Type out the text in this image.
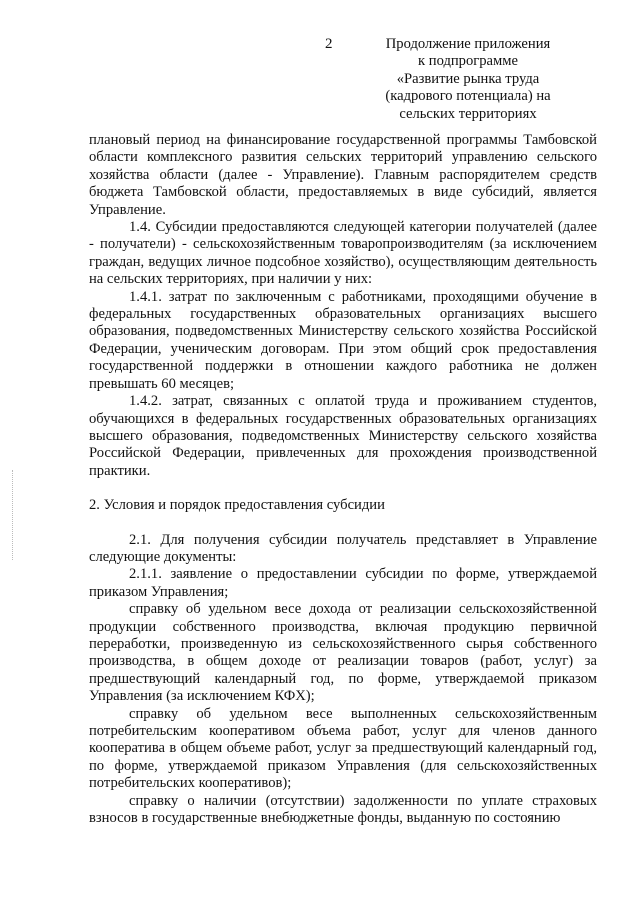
2	Продолжение приложения
к подпрограмме
«Развитие рынка труда
(кадрового потенциала) на
сельских территориях

плановый период на финансирование государственной программы Тамбовской области комплексного развития сельских территорий управлению сельского хозяйства области (далее - Управление). Главным распорядителем средств бюджета Тамбовской области, предоставляемых в виде субсидий, является Управление.

1.4. Субсидии предоставляются следующей категории получателей (далее - получатели) - сельскохозяйственным товаропроизводителям (за исключением граждан, ведущих личное подсобное хозяйство), осуществляющим деятельность на сельских территориях, при наличии у них:

1.4.1. затрат по заключенным с работниками, проходящими обучение в федеральных государственных образовательных организациях высшего образования, подведомственных Министерству сельского хозяйства Российской Федерации, ученическим договорам. При этом общий срок предоставления государственной поддержки в отношении каждого работника не должен превышать 60 месяцев;

1.4.2. затрат, связанных с оплатой труда и проживанием студентов, обучающихся в федеральных государственных образовательных организациях высшего образования, подведомственных Министерству сельского хозяйства Российской Федерации, привлеченных для прохождения производственной практики.

2. Условия и порядок предоставления субсидии

2.1. Для получения субсидии получатель представляет в Управление следующие документы:

2.1.1. заявление о предоставлении субсидии по форме, утверждаемой приказом Управления;

справку об удельном весе дохода от реализации сельскохозяйственной продукции собственного производства, включая продукцию первичной переработки, произведенную из сельскохозяйственного сырья собственного производства, в общем доходе от реализации товаров (работ, услуг) за предшествующий календарный год, по форме, утверждаемой приказом Управления (за исключением КФХ);

справку об удельном весе выполненных сельскохозяйственным потребительским кооперативом объема работ, услуг для членов данного кооператива в общем объеме работ, услуг за предшествующий календарный год, по форме, утверждаемой приказом Управления (для сельскохозяйственных потребительских кооперативов);

справку о наличии (отсутствии) задолженности по уплате страховых взносов в государственные внебюджетные фонды, выданную по состоянию
